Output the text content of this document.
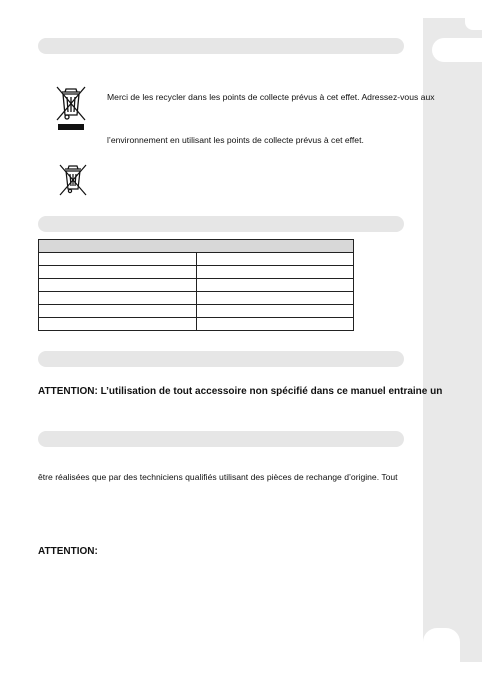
Merci de les recycler dans les points de collecte prévus à cet effet. Adressez-vous aux
l’environnement en utilisant les points de collecte prévus à cet effet.

ATTENTION: L’utilisation de tout accessoire non spécifié dans ce manuel entraine un
être réalisées que par des techniciens qualifiés utilisant des pièces de rechange d’origine. Tout
ATTENTION:
